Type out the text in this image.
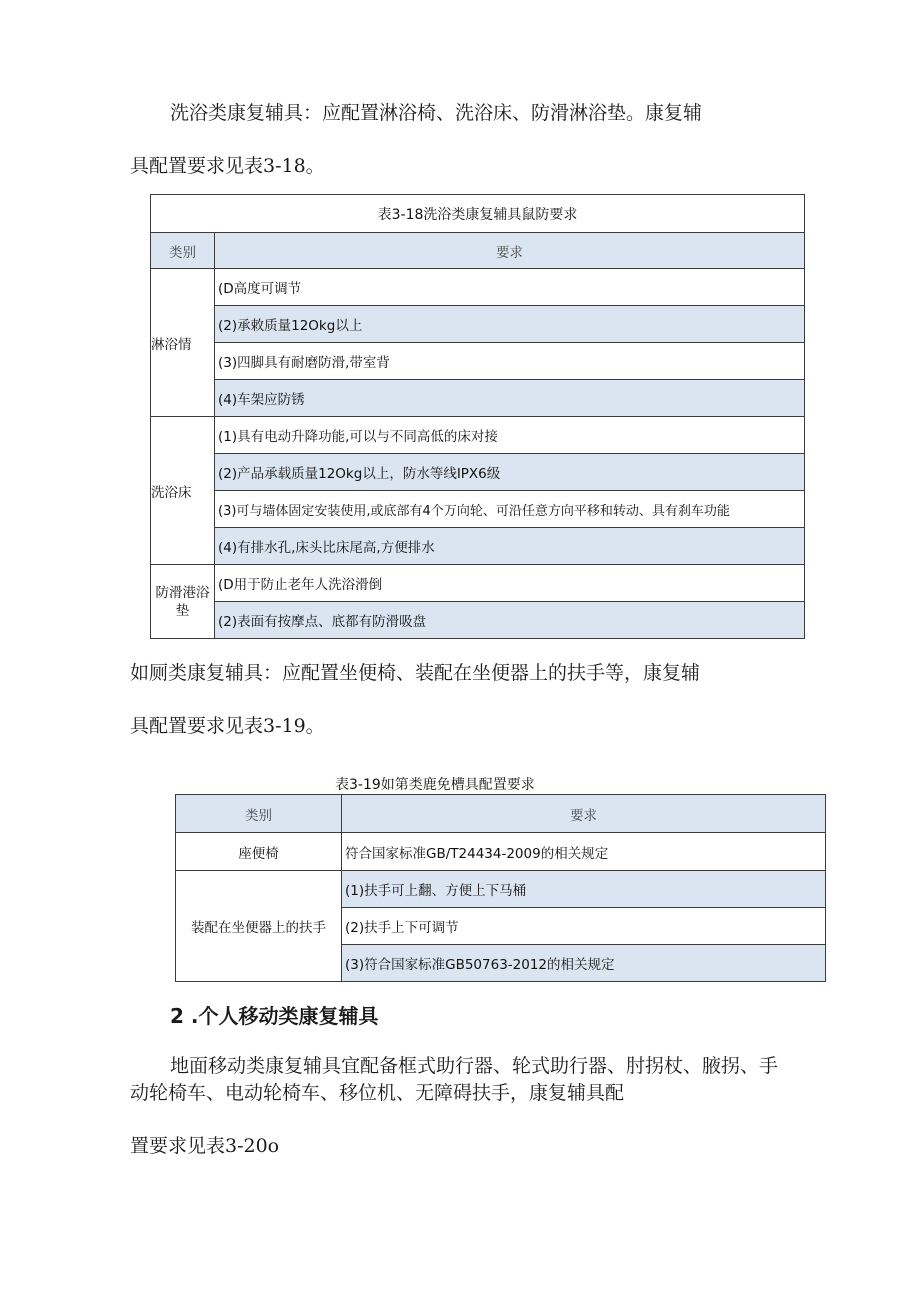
洗浴类康复辅具：应配置淋浴椅、洗浴床、防滑淋浴垫。康复辅

具配置要求见表3-18。

表3-18洗浴类康复辅具鼠防要求	
类别	要求
淋浴情	(D高度可调节
	(2)承敕质量12Okg以上
	(3)四脚具有耐磨防滑,带室背
	(4)车架应防锈
洗浴床	(1)具有电动升降功能,可以与不同高低的床对接
	(2)产品承载质量12Okg以上，防水等线IPX6级
	(3)可与墙体固定安装使用,或底部有4个万向轮、可沿任意方向平移和转动、具有刹车功能
	(4)有排水孔,床头比床尾高,方便排水
防滑港浴垫	(D用于防止老年人洗浴滑倒
	(2)表面有按摩点、底都有防滑吸盘

如厕类康复辅具：应配置坐便椅、装配在坐便器上的扶手等，康复辅

具配置要求见表3-19。

表3-19如第类鹿免槽具配置要求
类别	要求
座便椅	符合国家标准GB/T24434-2009的相关规定
装配在坐便器上的扶手	(1)扶手可上翻、方便上下马桶
	(2)扶手上下可调节
	(3)符合国家标准GB50763-2012的相关规定

2 .个人移动类康复辅具

地面移动类康复辅具宜配备框式助行器、轮式助行器、肘拐杖、腋拐、手

动轮椅车、电动轮椅车、移位机、无障碍扶手，康复辅具配

置要求见表3-20o
